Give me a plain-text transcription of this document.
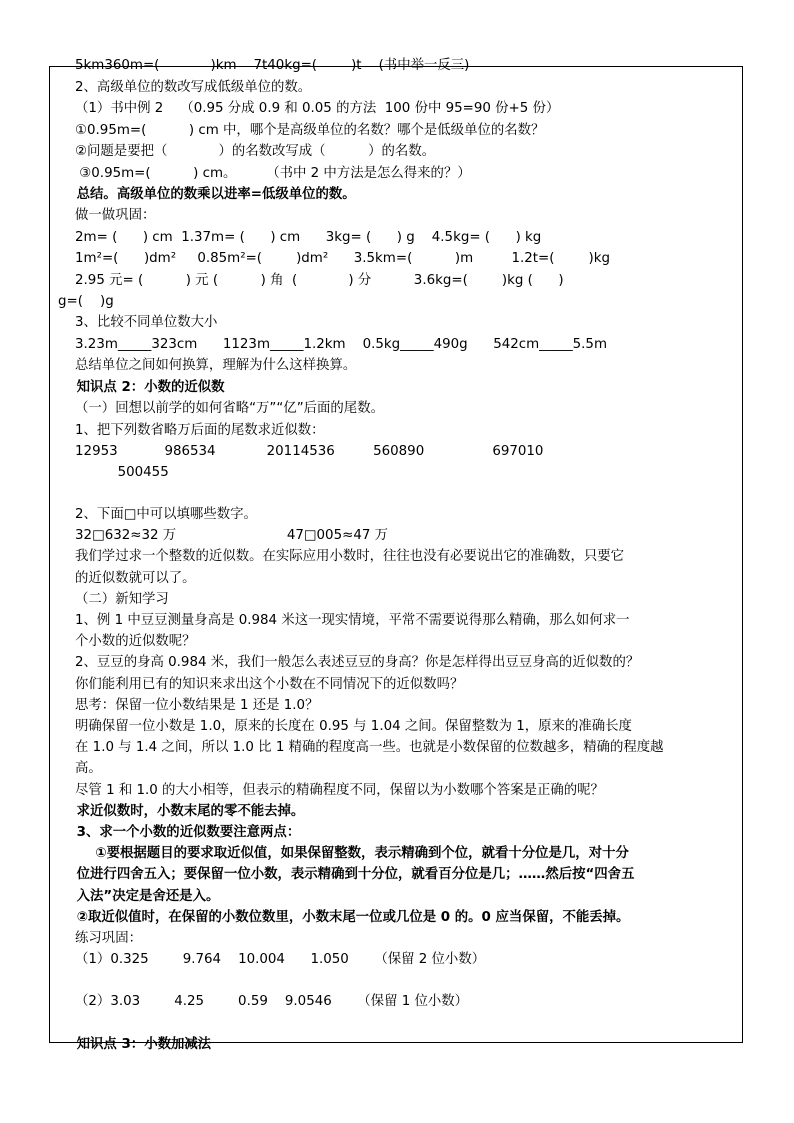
5km360m=(            )km    7t40kg=(        )t    (书中举一反三)
2、高级单位的数改写成低级单位的数。
（1）书中例 2    （0.95 分成 0.9 和 0.05 的方法  100 份中 95=90 份+5 份）
①0.95m=(          ) cm 中，哪个是高级单位的名数？哪个是低级单位的名数？
②问题是要把（            ）的名数改写成（          ）的名数。
③0.95m=(          ) cm。       （书中 2 中方法是怎么得来的？）
总结。高级单位的数乘以进率=低级单位的数。
做一做巩固：
2m= (      ) cm  1.37m= (      ) cm      3kg= (      ) g    4.5kg= (      ) kg
1m²=(      )dm²     0.85m²=(        )dm²      3.5km=(          )m         1.2t=(        )kg
2.95 元= (          ) 元 (          ) 角  (            ) 分          3.6kg=(        )kg (      )
g=(    )g
3、比较不同单位数大小
3.23m_____323cm      1123m_____1.2km    0.5kg_____490g      542cm_____5.5m
总结单位之间如何换算，理解为什么这样换算。
知识点 2：小数的近似数
（一）回想以前学的如何省略“万”“亿”后面的尾数。
1、把下列数省略万后面的尾数求近似数：
12953           986534            20114536         560890                697010
500455
2、下面□中可以填哪些数字。
32□632≈32 万                          47□005≈47 万
我们学过求一个整数的近似数。在实际应用小数时，往往也没有必要说出它的准确数，只要它
的近似数就可以了。
（二）新知学习
1、例 1 中豆豆测量身高是 0.984 米这一现实情境，平常不需要说得那么精确，那么如何求一
个小数的近似数呢？
2、豆豆的身高 0.984 米，我们一般怎么表述豆豆的身高？你是怎样得出豆豆身高的近似数的？
你们能利用已有的知识来求出这个小数在不同情况下的近似数吗？
思考：保留一位小数结果是 1 还是 1.0？
明确保留一位小数是 1.0，原来的长度在 0.95 与 1.04 之间。保留整数为 1，原来的准确长度
在 1.0 与 1.4 之间，所以 1.0 比 1 精确的程度高一些。也就是小数保留的位数越多，精确的程度越
高。
尽管 1 和 1.0 的大小相等，但表示的精确程度不同，保留以为小数哪个答案是正确的呢？
求近似数时，小数末尾的零不能去掉。
3、求一个小数的近似数要注意两点：
①要根据题目的要求取近似值，如果保留整数，表示精确到个位，就看十分位是几，对十分
位进行四舍五入；要保留一位小数，表示精确到十分位，就看百分位是几；……然后按“四舍五
入法”决定是舍还是入。
②取近似值时，在保留的小数位数里，小数末尾一位或几位是 0 的。0 应当保留，不能丢掉。
练习巩固：
（1）0.325        9.764    10.004      1.050      （保留 2 位小数）
（2）3.03        4.25        0.59    9.0546      （保留 1 位小数）
知识点 3：小数加减法
